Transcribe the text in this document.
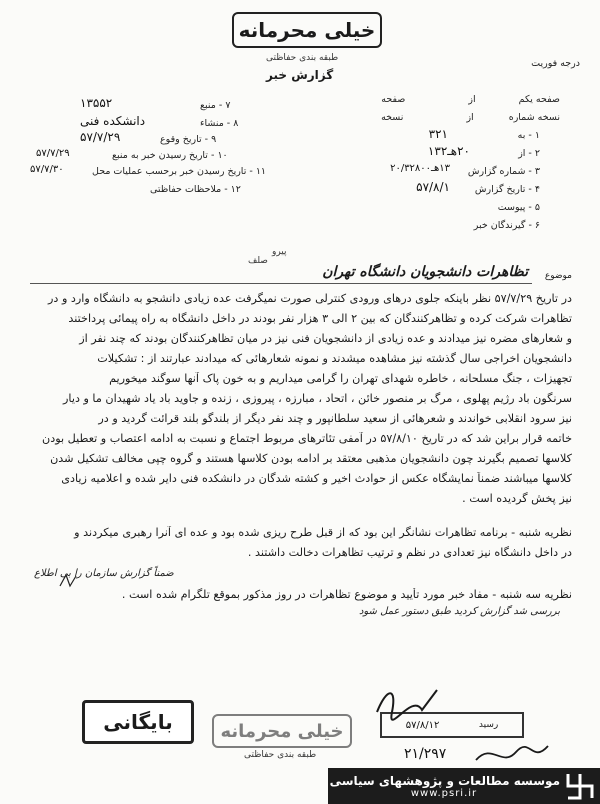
خیلی محرمانه
طبقه بندی حفاظتی
گزارش خبر
درجه فوریت
صفحه یکم از صفحه
نسخه شماره از نسخه
۱ - به
۳۲۱
۲ - از
۲۰هـ۱۳۲
۳ - شماره گزارش
۱۳هـ۲۰/۳۲۸۰۰
۴ - تاریخ گزارش
۵۷/۸/۱
۵ - پیوست
۶ - گیرندگان خبر
۷ - منبع
۱۳۵۵۲
۸ - منشاء
دانشکده فنی
۹ - تاریخ وقوع
۵۷/۷/۲۹
۱۰ - تاریخ رسیدن خبر به منبع
۵۷/۷/۲۹
۱۱ - تاریخ رسیدن خبر برحسب عملیات محل
۵۷/۷/۳۰
۱۲ - ملاحظات حفاظتی
صلف
پیرو
موضوع
تظاهرات دانشجویان دانشگاه تهران
در تاریخ ۵۷/۷/۲۹ نظر باینکه جلوی درهای ورودی کنترلی صورت نمیگرفت عده زیادی دانشجو به دانشگاه وارد و در
تظاهرات شرکت کرده و تظاهرکنندگان که بین ۲ الی ۳ هزار نفر بودند در داخل دانشگاه به راه پیمائی پرداختند
و شعارهای مضره نیز میدادند و عده زیادی از دانشجویان فنی نیز در میان تظاهرکنندگان بودند که چند نفر از
دانشجویان اخراجی سال گذشته نیز مشاهده میشدند و نمونه شعارهائی که میدادند عبارتند از : تشکیلات
تجهیزات ، جنگ مسلحانه ، خاطره شهدای تهران را گرامی میداریم و به خون پاک آنها سوگند میخوریم
سرنگون باد رژیم پهلوی ، مرگ بر منصور خائن ، اتحاد ، مبارزه ، پیروزی ، زنده و جاوید باد یاد شهیدان ما و دیار
نیز سرود انقلابی خواندند و شعرهائی از سعید سلطانپور و چند نفر دیگر از بلندگو بلند قرائت گردید و در
خاتمه قرار براین شد که در تاریخ ۵۷/۸/۱۰ در آمفی تئاترهای مربوط اجتماع و نسبت به ادامه اعتصاب و تعطیل بودن
کلاسها تصمیم بگیرند چون دانشجویان مذهبی معتقد بر ادامه بودن کلاسها هستند و گروه چپی مخالف تشکیل شدن
کلاسها میباشند ضمناً نمایشگاه عکس از حوادث اخیر و کشته شدگان در دانشکده فنی دایر شده و اعلامیه زیادی
نیز پخش گردیده است .
نظریه شنبه - برنامه تظاهرات نشانگر این بود که از قبل طرح ریزی شده بود و عده ای آنرا رهبری میکردند و
در داخل دانشگاه نیز تعدادی در نظم و ترتیب تظاهرات دخالت داشتند .
ضمناً گزارش سازمان را بی اطلاع
نظریه سه شنبه - مفاد خبر مورد تأیید و موضوع تظاهرات در روز مذکور بموقع تلگرام شده است .
بررسی شد گزارش کردید طبق دستور عمل شود
بایگانی	خیلی محرمانه
طبقه بندی حفاظتی
رسید
۵۷/۸/۱۲
۲۱/۲۹۷
موسسه مطالعات و پژوهشهای سیاسی
www.psri.ir
